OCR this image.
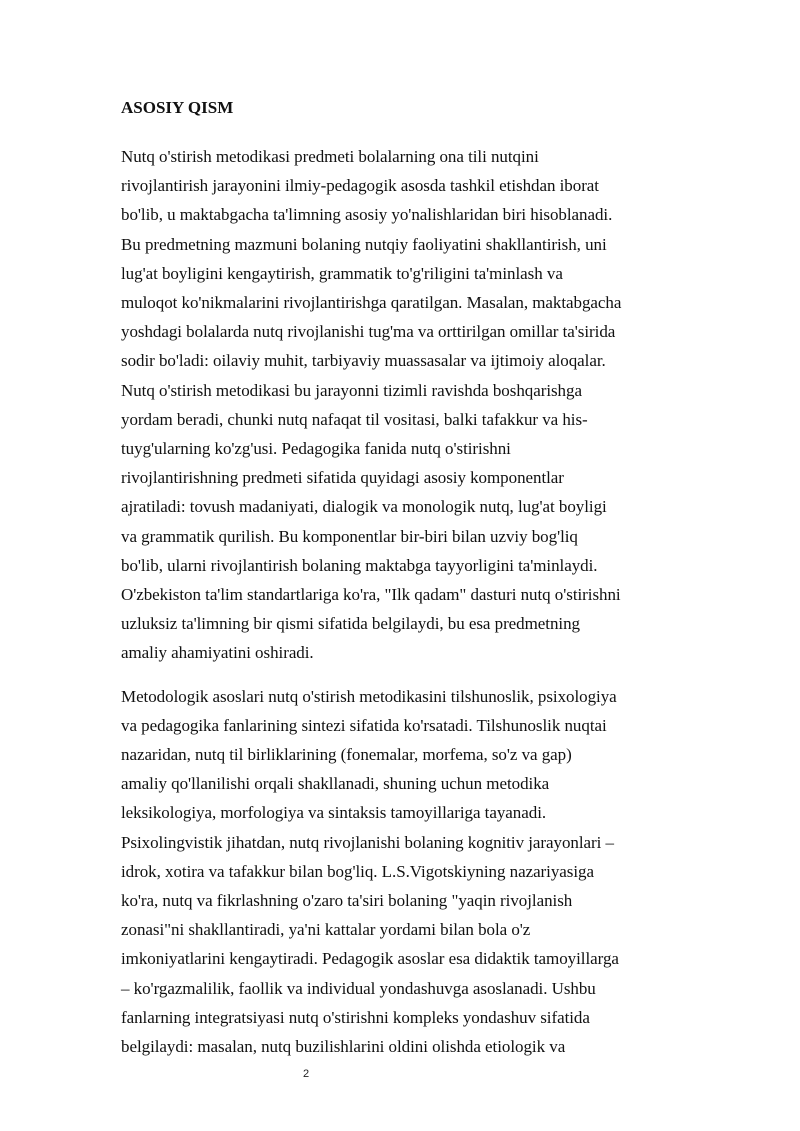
ASOSIY QISM
Nutq o'stirish metodikasi predmeti bolalarning ona tili nutqini
rivojlantirish jarayonini ilmiy-pedagogik asosda tashkil etishdan iborat
bo'lib, u maktabgacha ta'limning asosiy yo'nalishlaridan biri hisoblanadi.
Bu predmetning mazmuni bolaning nutqiy faoliyatini shakllantirish, uni
lug'at boyligini kengaytirish, grammatik to'g'riligini ta'minlash va
muloqot ko'nikmalarini rivojlantirishga qaratilgan. Masalan, maktabgacha
yoshdagi bolalarda nutq rivojlanishi tug'ma va orttirilgan omillar ta'sirida
sodir bo'ladi: oilaviy muhit, tarbiyaviy muassasalar va ijtimoiy aloqalar.
Nutq o'stirish metodikasi bu jarayonni tizimli ravishda boshqarishga
yordam beradi, chunki nutq nafaqat til vositasi, balki tafakkur va his-
tuyg'ularning ko'zg'usi. Pedagogika fanida nutq o'stirishni
rivojlantirishning predmeti sifatida quyidagi asosiy komponentlar
ajratiladi: tovush madaniyati, dialogik va monologik nutq, lug'at boyligi
va grammatik qurilish. Bu komponentlar bir-biri bilan uzviy bog'liq
bo'lib, ularni rivojlantirish bolaning maktabga tayyorligini ta'minlaydi.
O'zbekiston ta'lim standartlariga ko'ra, "Ilk qadam" dasturi nutq o'stirishni
uzluksiz ta'limning bir qismi sifatida belgilaydi, bu esa predmetning
amaliy ahamiyatini oshiradi.
Metodologik asoslari nutq o'stirish metodikasini tilshunoslik, psixologiya
va pedagogika fanlarining sintezi sifatida ko'rsatadi. Tilshunoslik nuqtai
nazaridan, nutq til birliklarining (fonemalar, morfema, so'z va gap)
amaliy qo'llanilishi orqali shakllanadi, shuning uchun metodika
leksikologiya, morfologiya va sintaksis tamoyillariga tayanadi.
Psixolingvistik jihatdan, nutq rivojlanishi bolaning kognitiv jarayonlari –
idrok, xotira va tafakkur bilan bog'liq. L.S.Vigotskiyning nazariyasiga
ko'ra, nutq va fikrlashning o'zaro ta'siri bolaning "yaqin rivojlanish
zonasi"ni shakllantiradi, ya'ni kattalar yordami bilan bola o'z
imkoniyatlarini kengaytiradi. Pedagogik asoslar esa didaktik tamoyillarga
– ko'rgazmalilik, faollik va individual yondashuvga asoslanadi. Ushbu
fanlarning integratsiyasi nutq o'stirishni kompleks yondashuv sifatida
belgilaydi: masalan, nutq buzilishlarini oldini olishda etiologik va
2
